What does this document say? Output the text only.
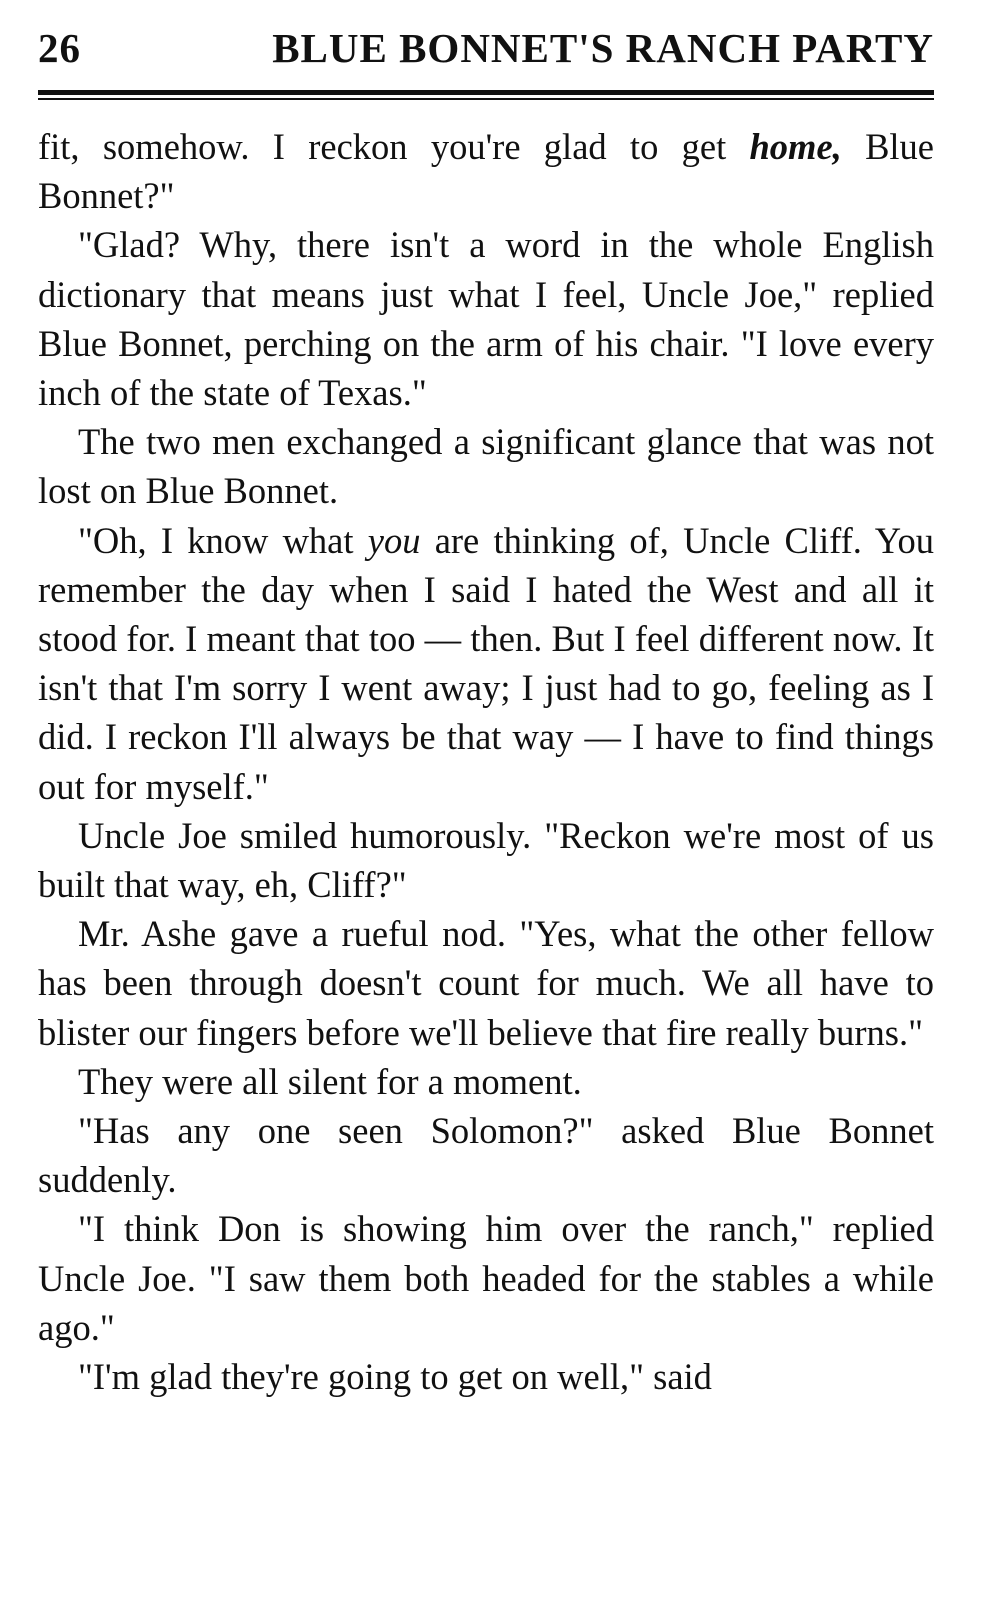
26	BLUE BONNET'S RANCH PARTY

fit, somehow. I reckon you're glad to get home, Blue Bonnet?"

"Glad? Why, there isn't a word in the whole English dictionary that means just what I feel, Uncle Joe," replied Blue Bonnet, perching on the arm of his chair. "I love every inch of the state of Texas."

The two men exchanged a significant glance that was not lost on Blue Bonnet.

"Oh, I know what you are thinking of, Uncle Cliff. You remember the day when I said I hated the West and all it stood for. I meant that too — then. But I feel different now. It isn't that I'm sorry I went away; I just had to go, feeling as I did. I reckon I'll always be that way — I have to find things out for myself."

Uncle Joe smiled humorously. "Reckon we're most of us built that way, eh, Cliff?"

Mr. Ashe gave a rueful nod. "Yes, what the other fellow has been through doesn't count for much. We all have to blister our fingers before we'll believe that fire really burns."

They were all silent for a moment.

"Has any one seen Solomon?" asked Blue Bonnet suddenly.

"I think Don is showing him over the ranch," replied Uncle Joe. "I saw them both headed for the stables a while ago."

"I'm glad they're going to get on well," said
